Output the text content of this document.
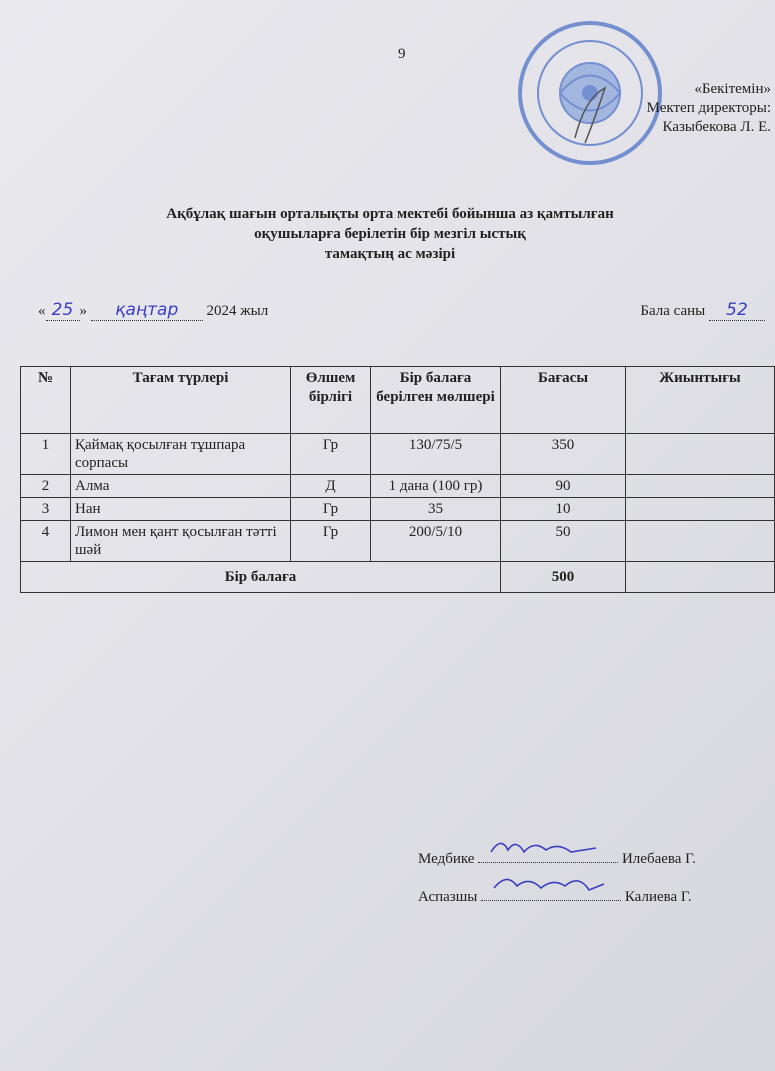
9
«Бекітемін»
Мектеп директоры:
Казыбекова Л. Е.
Ақбұлақ шағын орталықты орта мектебі бойынша аз қамтылған
оқушыларға берілетін бір мезгіл ыстық
тамақтың ас мәзірі
« 25 » қаңтар 2024 жыл	Бала саны 52
№	Тағам түрлері	Өлшем бірлігі	Бір балаға берілген мөлшері	Бағасы	Жиынтығы
1	Қаймақ қосылған тұшпара сорпасы	Гр	130/75/5	350	
2	Алма	Д	1 дана (100 гр)	90	
3	Нан	Гр	35	10	
4	Лимон мен қант қосылған тәтті шәй	Гр	200/5/10	50	
Бір балаға				500	
Медбике	Илебаева Г.
Аспазшы	Калиева Г.
